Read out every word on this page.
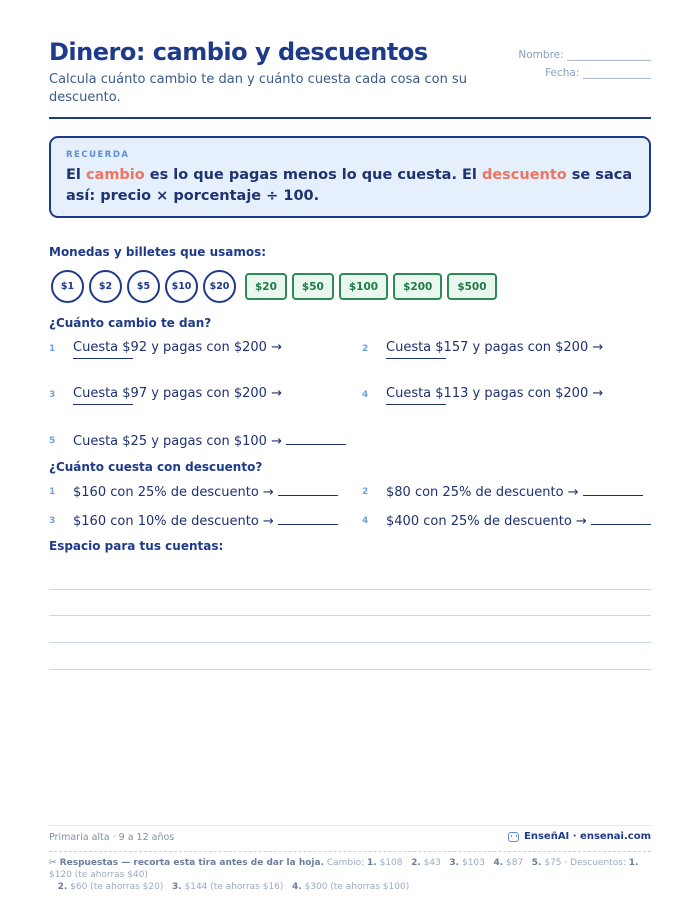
Dinero: cambio y descuentos
Calcula cuánto cambio te dan y cuánto cuesta cada cosa con su descuento.
Nombre: ________________
Fecha: _____________
RECUERDA
El cambio es lo que pagas menos lo que cuesta. El descuento se saca así: precio × porcentaje ÷ 100.
Monedas y billetes que usamos:
$1	$2	$5	$10	$20	$20	$50	$100	$200	$500
¿Cuánto cambio te dan?
1 Cuesta $92 y pagas con $200 →	2 Cuesta $157 y pagas con $200 →
3 Cuesta $97 y pagas con $200 →	4 Cuesta $113 y pagas con $200 →
5 Cuesta $25 y pagas con $100 →
¿Cuánto cuesta con descuento?
1 $160 con 25% de descuento →	2 $80 con 25% de descuento →
3 $160 con 10% de descuento →	4 $400 con 25% de descuento →
Espacio para tus cuentas:
Primaria alta · 9 a 12 años	EnseñAI · ensenai.com
✂ Respuestas — recorta esta tira antes de dar la hoja. Cambio: 1. $108 2. $43 3. $103 4. $87 5. $75 · Descuentos: 1. $120 (te ahorras $40)
2. $60 (te ahorras $20) 3. $144 (te ahorras $16) 4. $300 (te ahorras $100)
